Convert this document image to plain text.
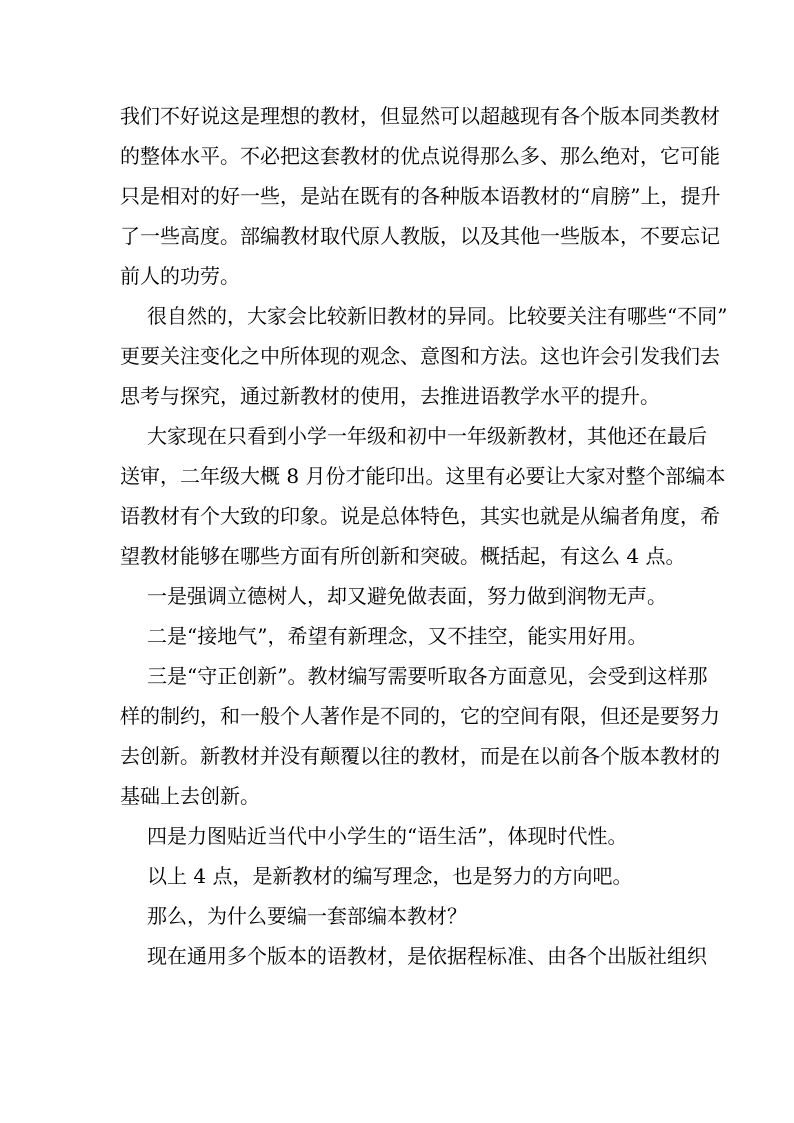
我们不好说这是理想的教材，但显然可以超越现有各个版本同类教材
的整体水平。不必把这套教材的优点说得那么多、那么绝对，它可能
只是相对的好一些，是站在既有的各种版本语教材的“肩膀”上，提升
了一些高度。部编教材取代原人教版，以及其他一些版本，不要忘记
前人的功劳。
很自然的，大家会比较新旧教材的异同。比较要关注有哪些“不同”
更要关注变化之中所体现的观念、意图和方法。这也许会引发我们去
思考与探究，通过新教材的使用，去推进语教学水平的提升。
大家现在只看到小学一年级和初中一年级新教材，其他还在最后
送审，二年级大概 8 月份才能印出。这里有必要让大家对整个部编本
语教材有个大致的印象。说是总体特色，其实也就是从编者角度，希
望教材能够在哪些方面有所创新和突破。概括起，有这么 4 点。
一是强调立德树人，却又避免做表面，努力做到润物无声。
二是“接地气”，希望有新理念，又不挂空，能实用好用。
三是“守正创新”。教材编写需要听取各方面意见，会受到这样那
样的制约，和一般个人著作是不同的，它的空间有限，但还是要努力
去创新。新教材并没有颠覆以往的教材，而是在以前各个版本教材的
基础上去创新。
四是力图贴近当代中小学生的“语生活”，体现时代性。
以上 4 点，是新教材的编写理念，也是努力的方向吧。
那么，为什么要编一套部编本教材？
现在通用多个版本的语教材，是依据程标准、由各个出版社组织
